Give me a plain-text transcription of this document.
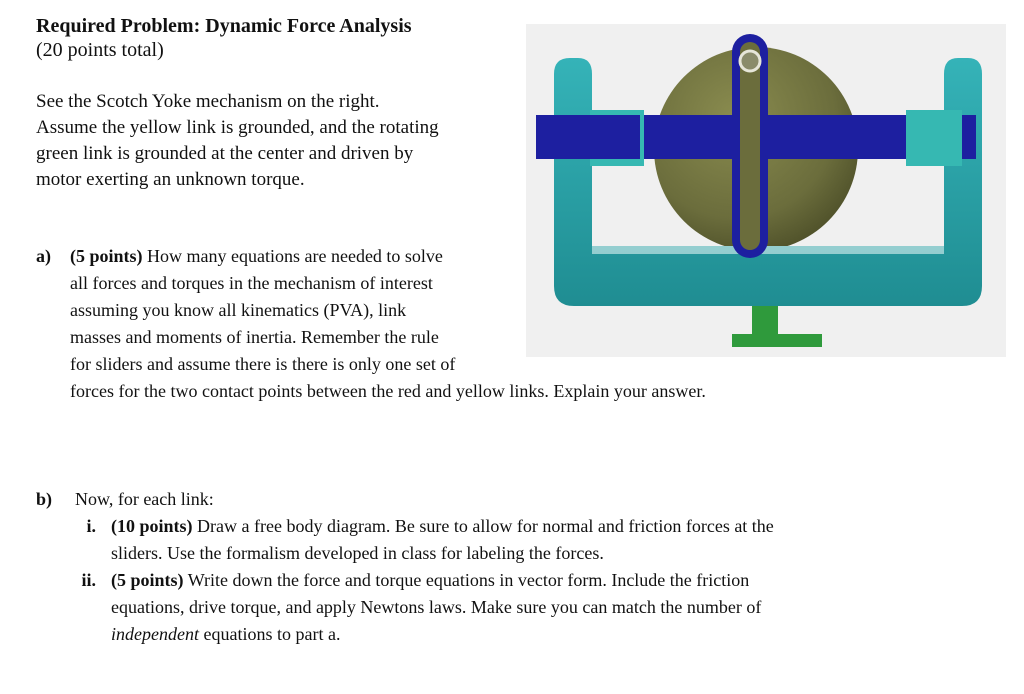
Required Problem: Dynamic Force Analysis
(20 points total)
See the Scotch Yoke mechanism on the right.
Assume the yellow link is grounded, and the rotating
green link is grounded at the center and driven by
motor exerting an unknown torque.
a) (5 points) How many equations are needed to solve
all forces and torques in the mechanism of interest
assuming you know all kinematics (PVA), link
masses and moments of inertia. Remember the rule
for sliders and assume there is there is only one set of
forces for the two contact points between the red and yellow links. Explain your answer.
b) Now, for each link:
i. (10 points) Draw a free body diagram. Be sure to allow for normal and friction forces at the
sliders. Use the formalism developed in class for labeling the forces.
ii. (5 points) Write down the force and torque equations in vector form. Include the friction
equations, drive torque, and apply Newtons laws. Make sure you can match the number of
independent equations to part a.
